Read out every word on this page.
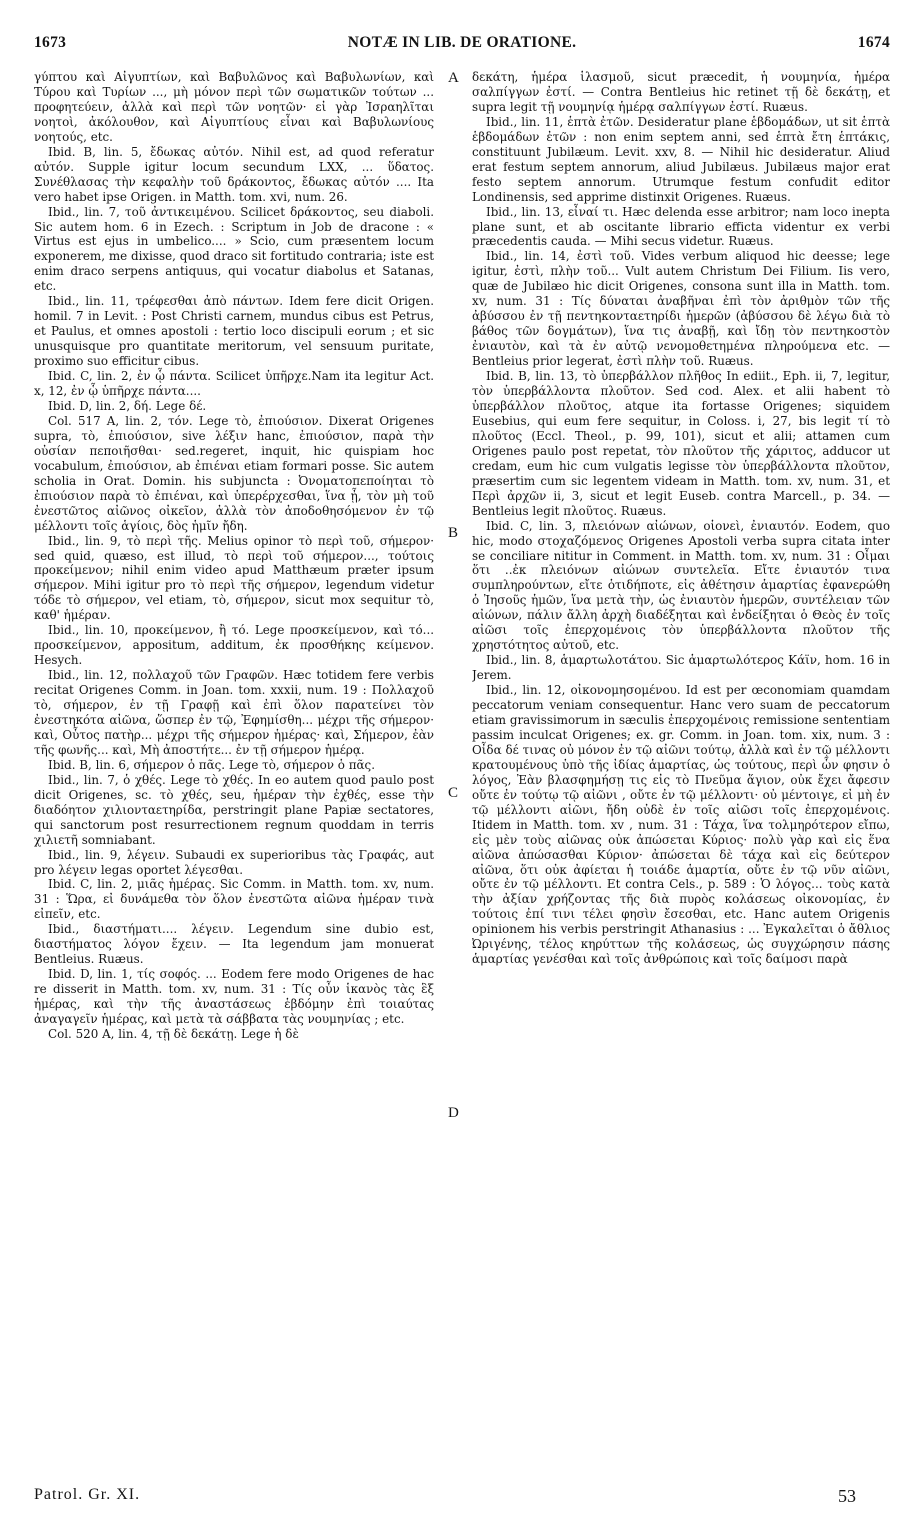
1673	NOTÆ IN LIB. DE ORATIONE.	1674

γύπτου καὶ Αἰγυπτίων, καὶ Βαβυλῶνος καὶ Βαβυλωνίων, καὶ Τύρου καὶ Τυρίων ..., μὴ μόνον περὶ τῶν σωματικῶν τούτων ... προφητεύειν, ἀλλὰ καὶ περὶ τῶν νοητῶν· εἰ γὰρ Ἰσραηλῖται νοητοὶ, ἀκόλουθον, καὶ Αἰγυπτίους εἶναι καὶ Βαβυλωνίους νοητούς, etc.

Ibid. B, lin. 5, ἔδωκας αὐτόν. Nihil est, ad quod referatur αὐτόν. Supple igitur locum secundum LXX, ... ὕδατος. Συνέθλασας τὴν κεφαλὴν τοῦ δράκοντος, ἔδωκας αὐτόν .... Ita vero habet ipse Origen. in Matth. tom. xvi, num. 26.

Ibid., lin. 7, τοῦ ἀντικειμένου. Scilicet δράκοντος, seu diaboli. Sic autem hom. 6 in Ezech. : Scriptum in Job de dracone : « Virtus est ejus in umbelico.... » Scio, cum præsentem locum exponerem, me dixisse, quod draco sit fortitudo contraria; iste est enim draco serpens antiquus, qui vocatur diabolus et Satanas, etc.

Ibid., lin. 11, τρέφεσθαι ἀπὸ πάντων. Idem fere dicit Origen. homil. 7 in Levit. : Post Christi carnem, mundus cibus est Petrus, et Paulus, et omnes apostoli : tertio loco discipuli eorum ; et sic unusquisque pro quantitate meritorum, vel sensuum puritate, proximo suo efficitur cibus.

Ibid. C, lin. 2, ἐν ᾧ πάντα. Scilicet ὑπῆρχε.Nam ita legitur Act. x, 12, ἐν ᾧ ὑπῆρχε πάντα....

Ibid. D, lin. 2, δή. Lege δέ.

Col. 517 A, lin. 2, τόν. Lege τὸ, ἐπιούσιον. Dixerat Origenes supra, τὸ, ἐπιούσιον, sive λέξιν hanc, ἐπιούσιον, παρὰ τὴν οὐσίαν πεποιῆσθαι· sed.regeret, inquit, hic quispiam hoc vocabulum, ἐπιούσιον, ab ἐπιέναι etiam formari posse. Sic autem scholia in Orat. Domin. his subjuncta : Ὀνοματοπεποίηται τὸ ἐπιούσιον παρὰ τὸ ἐπιέναι, καὶ ὑπερέρχεσθαι, ἵνα ᾖ, τὸν μὴ τοῦ ἐνεστῶτος αἰῶνος οἰκεῖον, ἀλλὰ τὸν ἀποδοθησόμενον ἐν τῷ μέλλοντι τοῖς ἁγίοις, δὸς ἡμῖν ἤδη.

Ibid., lin. 9, τὸ περὶ τῆς. Melius opinor τὸ περὶ τοῦ, σήμερον· sed quid, quæso, est illud, τὸ περὶ τοῦ σήμερον..., τούτοις προκείμενον; nihil enim video apud Matthæum præter ipsum σήμερον. Mihi igitur pro τὸ περὶ τῆς σήμερον, legendum videtur τόδε τὸ σήμερον, vel etiam, τὸ, σήμερον, sicut mox sequitur τὸ, καθ' ἡμέραν.

Ibid., lin. 10, προκείμενον, ἢ τό. Lege προσκείμενον, καὶ τό... προσκείμενον, appositum, additum, ἐκ προσθήκης κείμενον. Hesych.

Ibid., lin. 12, πολλαχοῦ τῶν Γραφῶν. Hæc totidem fere verbis recitat Origenes Comm. in Joan. tom. xxxii, num. 19 : Πολλαχοῦ τὸ, σήμερον, ἐν τῇ Γραφῇ καὶ ἐπὶ ὅλον παρατείνει τὸν ἐνεστηκότα αἰῶνα, ὥσπερ ἐν τῷ, Ἐφημίσθη... μέχρι τῆς σήμερον· καὶ, Οὗτος πατὴρ... μέχρι τῆς σήμερον ἡμέρας· καὶ, Σήμερον, ἐὰν τῆς φωνῆς... καὶ, Μὴ ἀποστήτε... ἐν τῇ σήμερον ἡμέρᾳ.

Ibid. B, lin. 6, σήμερον ὁ πᾶς. Lege τὸ, σήμερον ὁ πᾶς.

Ibid., lin. 7, ὁ χθές. Lege τὸ χθές. In eo autem quod paulo post dicit Origenes, sc. τὸ χθές, seu, ἡμέραν τὴν ἐχθές, esse τὴν διαδόητον χιλιονταετηρίδα, perstringit plane Papiæ sectatores, qui sanctorum post resurrectionem regnum quoddam in terris χιλιετῆ somniabant.

Ibid., lin. 9, λέγειν. Subaudi ex superioribus τὰς Γραφάς, aut pro λέγειν legas oportet λέγεσθαι.

Ibid. C, lin. 2, μιᾶς ἡμέρας. Sic Comm. in Matth. tom. xv, num. 31 : Ὥρα, εἰ δυνάμεθα τὸν ὅλον ἐνεστῶτα αἰῶνα ἡμέραν τινὰ εἰπεῖν, etc.

Ibid., διαστήματι.... λέγειν. Legendum sine dubio est, διαστήματος λόγον ἔχειν. — Ita legendum jam monuerat Bentleius. Ruæus.

Ibid. D, lin. 1, τίς σοφός. ... Eodem fere modo Origenes de hac re disserit in Matth. tom. xv, num. 31 : Τίς οὖν ἱκανὸς τὰς ἓξ ἡμέρας, καὶ τὴν τῆς ἀναστάσεως ἑβδόμην ἐπὶ τοιαύτας ἀναγαγεῖν ἡμέρας, καὶ μετὰ τὰ σάββατα τὰς νουμηνίας ; etc.

Col. 520 A, lin. 4, τῇ δὲ δεκάτῃ. Lege ἡ δὲ

A
B
C
D

δεκάτη, ἡμέρα ἱλασμοῦ, sicut præcedit, ἡ νουμηνία, ἡμέρα σαλπίγγων ἐστί. — Contra Bentleius hic retinet τῇ δὲ δεκάτῃ, et supra legit τῇ νουμηνίᾳ ἡμέρᾳ σαλπίγγων ἐστί. Ruæus.

Ibid., lin. 11, ἑπτὰ ἐτῶν. Desideratur plane ἑβδομάδων, ut sit ἑπτὰ ἑβδομάδων ἐτῶν : non enim septem anni, sed ἑπτὰ ἔτη ἑπτάκις, constituunt Jubilæum. Levit. xxv, 8. — Nihil hic desideratur. Aliud erat festum septem annorum, aliud Jubilæus. Jubilæus major erat festo septem annorum. Utrumque festum confudit editor Londinensis, sed apprime distinxit Origenes. Ruæus.

Ibid., lin. 13, εἶναί τι. Hæc delenda esse arbitror; nam loco inepta plane sunt, et ab oscitante librario efficta videntur ex verbi præcedentis cauda. — Mihi secus videtur. Ruæus.

Ibid., lin. 14, ἐστὶ τοῦ. Vides verbum aliquod hic deesse; lege igitur, ἐστὶ, πλὴν τοῦ... Vult autem Christum Dei Filium. Iis vero, quæ de Jubilæo hic dicit Origenes, consona sunt illa in Matth. tom. xv, num. 31 : Τίς δύναται ἀναβῆναι ἐπὶ τὸν ἀριθμὸν τῶν τῆς ἀβύσσου ἐν τῇ πεντηκονταετηρίδι ἡμερῶν (ἀβύσσου δὲ λέγω διὰ τὸ βάθος τῶν δογμάτων), ἵνα τις ἀναβῇ, καὶ ἴδῃ τὸν πεντηκοστὸν ἐνιαυτὸν, καὶ τὰ ἐν αὐτῷ νενομοθετημένα πληρούμενα etc. — Bentleius prior legerat, ἐστὶ πλὴν τοῦ. Ruæus.

Ibid. B, lin. 13, τὸ ὑπερβάλλον πλῆθος In ediit., Eph. ii, 7, legitur, τὸν ὑπερβάλλοντα πλοῦτον. Sed cod. Alex. et alii habent τὸ ὑπερβάλλον πλοῦτος, atque ita fortasse Origenes; siquidem Eusebius, qui eum fere sequitur, in Coloss. i, 27, bis legit τί τὸ πλοῦτος (Eccl. Theol., p. 99, 101), sicut et alii; attamen cum Origenes paulo post repetat, τὸν πλοῦτον τῆς χάριτος, adducor ut credam, eum hic cum vulgatis legisse τὸν ὑπερβάλλοντα πλοῦτον, præsertim cum sic legentem videam in Matth. tom. xv, num. 31, et Περὶ ἀρχῶν ii, 3, sicut et legit Euseb. contra Marcell., p. 34. — Bentleius legit πλοῦτος. Ruæus.

Ibid. C, lin. 3, πλειόνων αἰώνων, οἱονεὶ, ἐνιαυτόν. Eodem, quo hic, modo στοχαζόμενος Origenes Apostoli verba supra citata inter se conciliare nititur in Comment. in Matth. tom. xv, num. 31 : Οἶμαι ὅτι ..ἐκ πλειόνων αἰώνων συντελεῖα. Εἴτε ἐνιαυτόν τινα συμπληρούντων, εἴτε ὁτιδήποτε, εἰς ἀθέτησιν ἁμαρτίας ἐφανερώθη ὁ Ἰησοῦς ἡμῶν, ἵνα μετὰ τὴν, ὡς ἐνιαυτὸν ἡμερῶν, συντέλειαν τῶν αἰώνων, πάλιν ἄλλη ἀρχὴ διαδέξηται καὶ ἐνδείξηται ὁ Θεὸς ἐν τοῖς αἰῶσι τοῖς ἐπερχομένοις τὸν ὑπερβάλλοντα πλοῦτον τῆς χρηστότητος αὐτοῦ, etc.

Ibid., lin. 8, ἁμαρτωλοτάτου. Sic ἁμαρτωλότερος Κάϊν, hom. 16 in Jerem.

Ibid., lin. 12, οἰκονομησομένου. Id est per œconomiam quamdam peccatorum veniam consequentur. Hanc vero suam de peccatorum etiam gravissimorum in sæculis ἐπερχομένοις remissione sententiam passim inculcat Origenes; ex. gr. Comm. in Joan. tom. xix, num. 3 : Οἶδα δέ τινας οὐ μόνον ἐν τῷ αἰῶνι τούτῳ, ἀλλὰ καὶ ἐν τῷ μέλλοντι κρατουμένους ὑπὸ τῆς ἰδίας ἁμαρτίας, ὡς τούτους, περὶ ὧν φησιν ὁ λόγος, Ἐὰν βλασφημήσῃ τις εἰς τὸ Πνεῦμα ἅγιον, οὐκ ἔχει ἄφεσιν οὔτε ἐν τούτῳ τῷ αἰῶνι , οὔτε ἐν τῷ μέλλοντι· οὐ μέντοιγε, εἰ μὴ ἐν τῷ μέλλοντι αἰῶνι, ἤδη οὐδὲ ἐν τοῖς αἰῶσι τοῖς ἐπερχομένοις. Itidem in Matth. tom. xv , num. 31 : Τάχα, ἵνα τολμηρότερον εἴπω, εἰς μὲν τοὺς αἰῶνας οὐκ ἀπώσεται Κύριος· πολὺ γὰρ καὶ εἰς ἕνα αἰῶνα ἀπώσασθαι Κύριον· ἀπώσεται δὲ τάχα καὶ εἰς δεύτερον αἰῶνα, ὅτι οὐκ ἀφίεται ἡ τοιάδε ἁμαρτία, οὔτε ἐν τῷ νῦν αἰῶνι, οὔτε ἐν τῷ μέλλοντι. Et contra Cels., p. 589 : Ὁ λόγος... τοὺς κατὰ τὴν ἀξίαν χρήζοντας τῆς διὰ πυρὸς κολάσεως οἰκονομίας, ἐν τούτοις ἐπί τινι τέλει φησὶν ἔσεσθαι, etc. Hanc autem Origenis opinionem his verbis perstringit Athanasius : ... Ἐγκαλεῖται ὁ ἄθλιος Ὠριγένης, τέλος κηρύττων τῆς κολάσεως, ὡς συγχώρησιν πάσης ἁμαρτίας γενέσθαι καὶ τοῖς ἀνθρώποις καὶ τοῖς δαίμοσι παρὰ

Patrol. Gr. XI.	53
